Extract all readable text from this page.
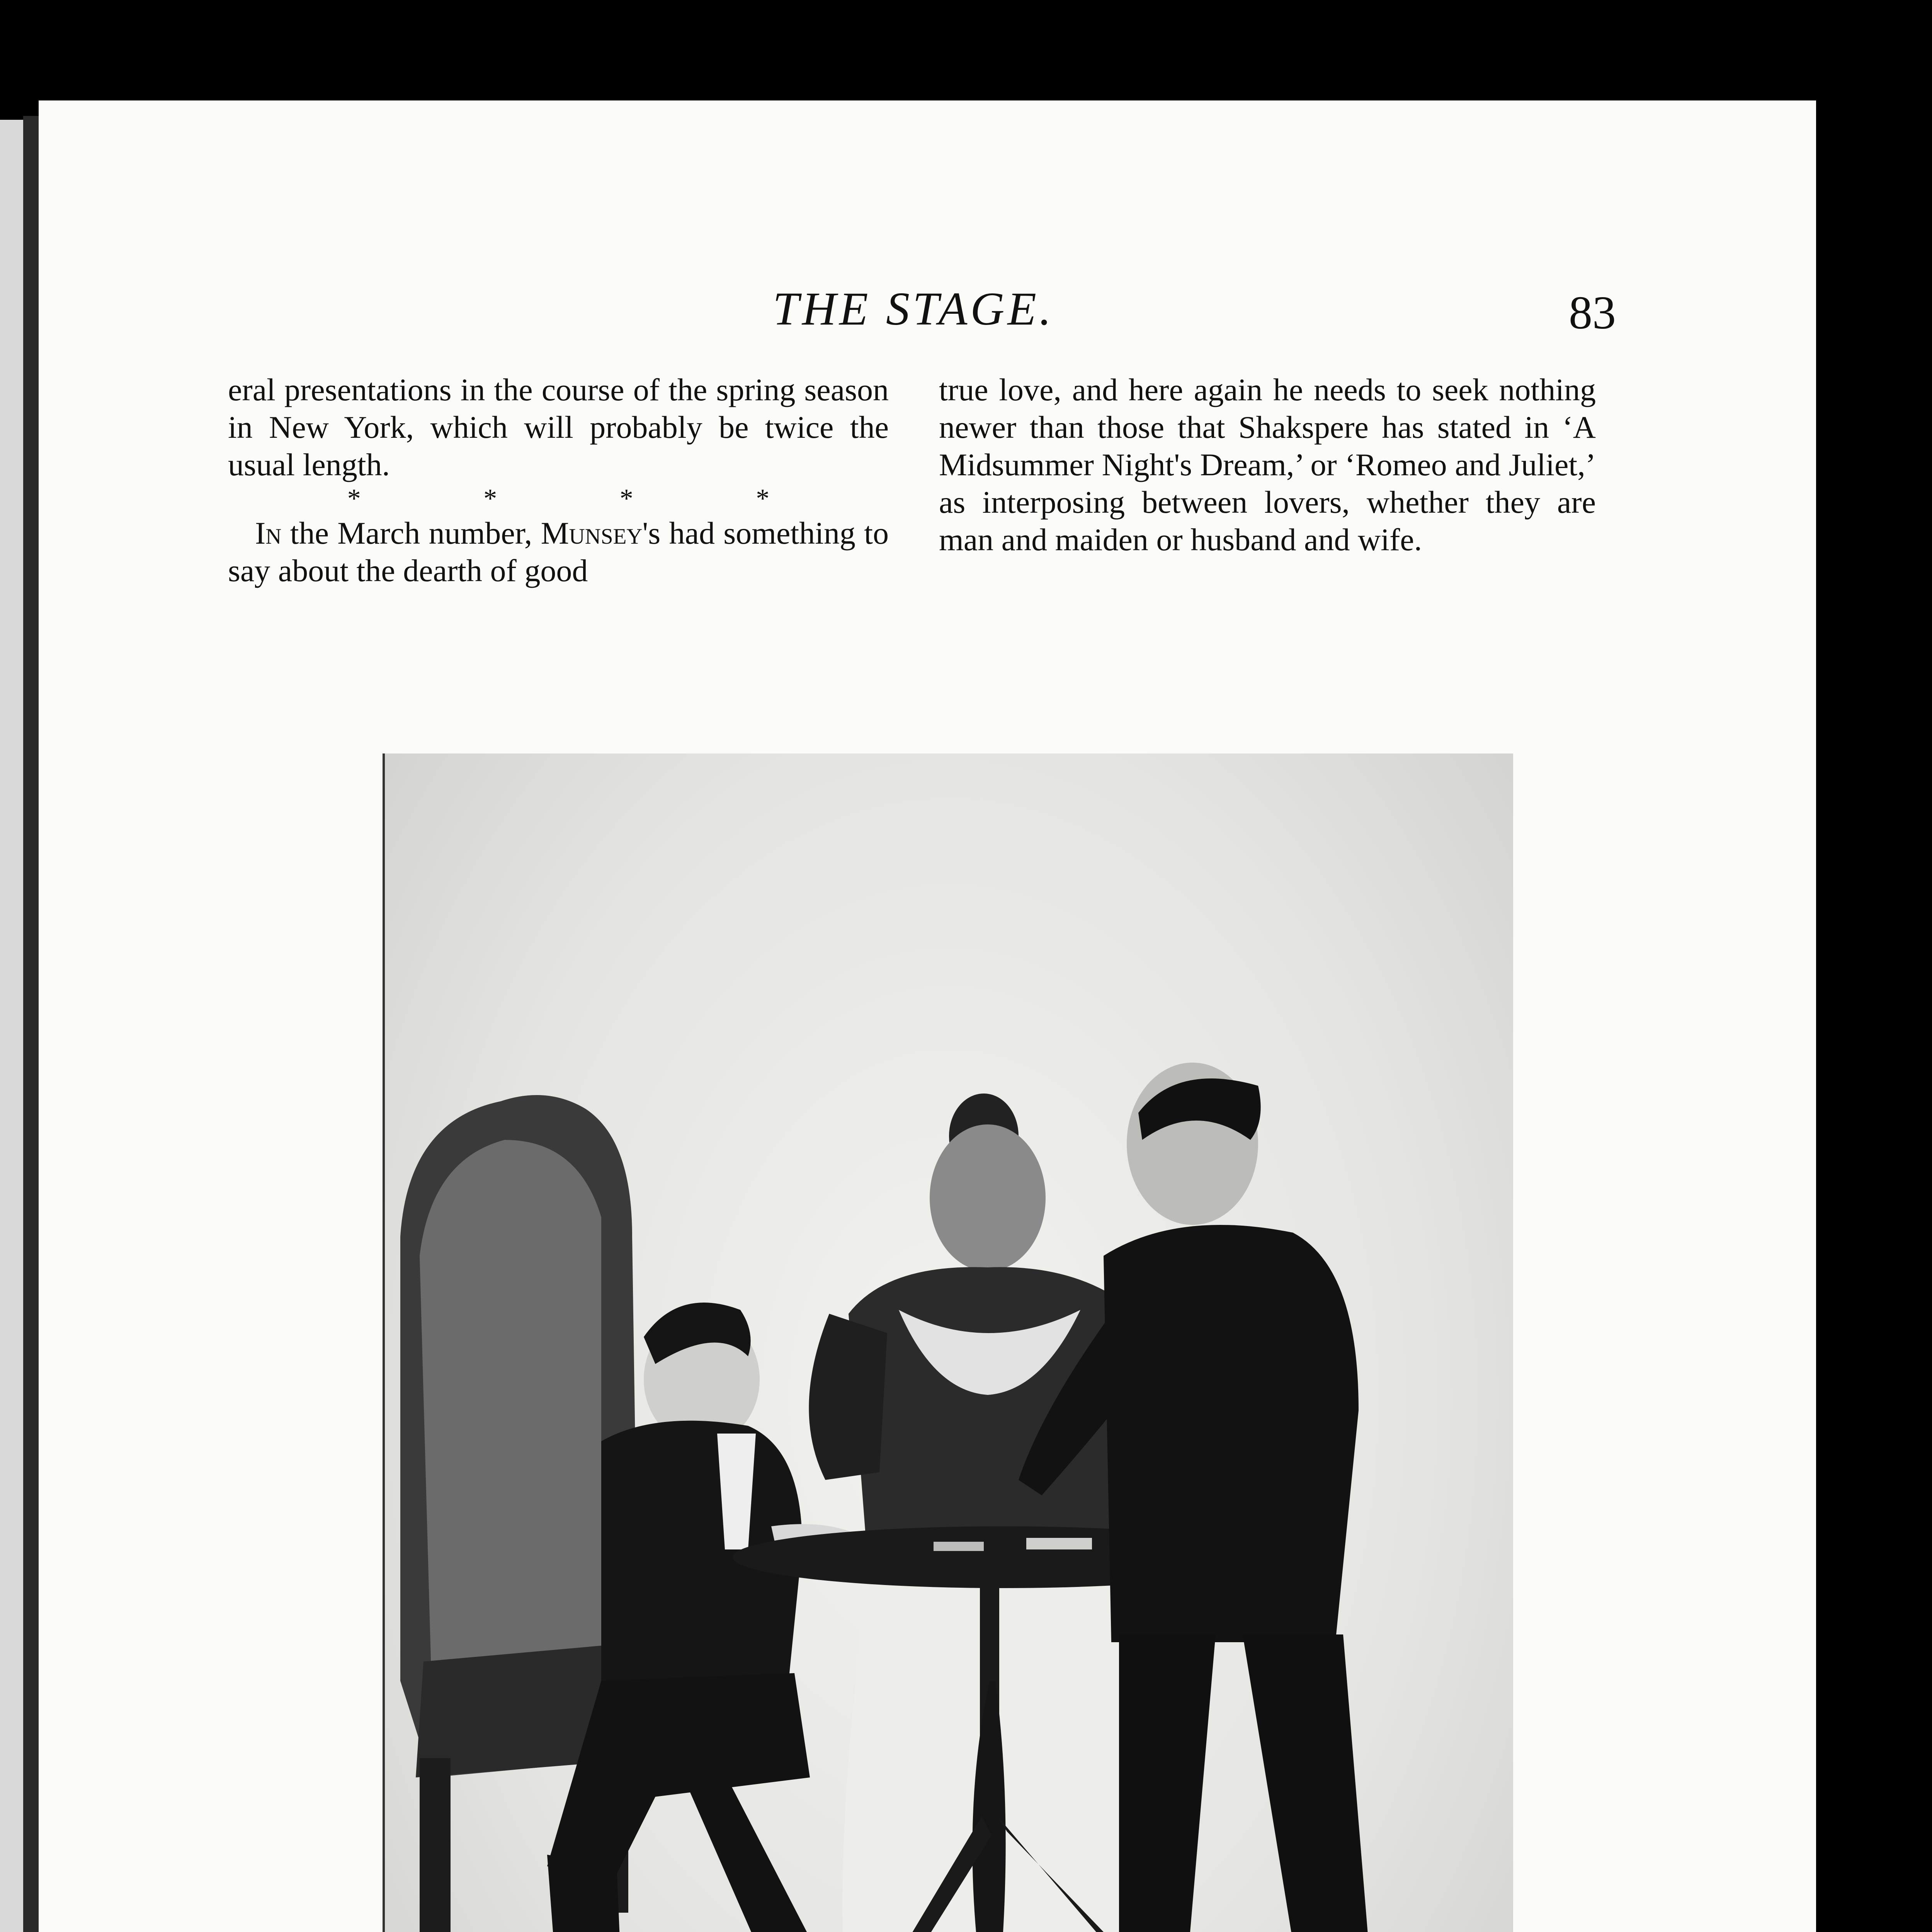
THE STAGE.	83

eral presentations in the course of the spring season in New York, which will probably be twice the usual length.

* * * *

In the March number, Munsey's had something to say about the dearth of good

true love, and here again he needs to seek nothing newer than those that Shakspere has stated in ‘A Midsummer Night's Dream,’ or ‘Romeo and Juliet,’ as interposing between lovers, whether they are man and maiden or husband and wife.
